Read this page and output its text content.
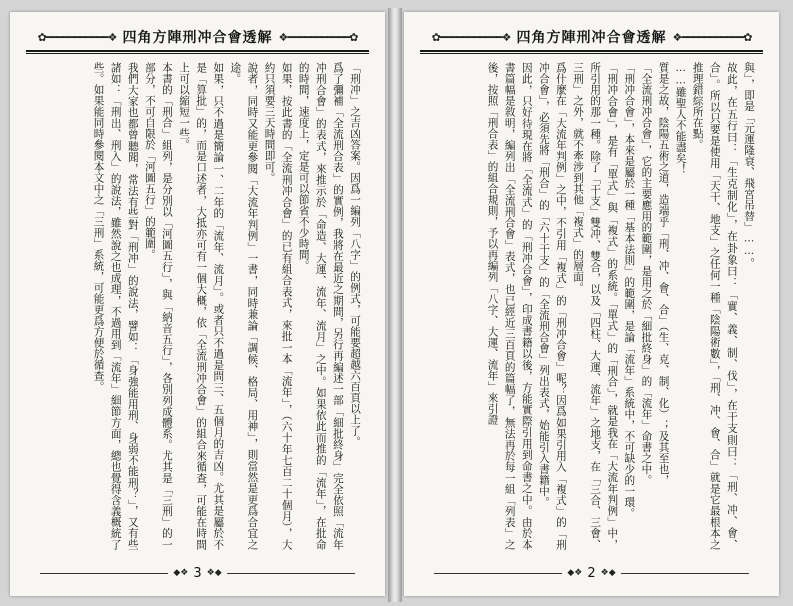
✿━━━━━━━━━━━❖ 四角方陣刑冲合會透解 ❖━━━━━━━━━━━✿

「刑冲」之吉凶答案。因爲一編列「八字」的例式，可能要超越六百頁以上了。

爲了彌補「全流刑合表」的實例，我將在最近之期間，另行再編述一部「細批終身」完全依照「流年冲刑合會」的表式，來推示於「命造、大運、流年、流月」之中。如果依此而推的「流年」，在批命的時間，速度上，定是可以節省不少時間。

如果，按此書的「全流刑冲合會」的已有組合表式，來批一本「流年」，（六十年七百二十個月），大約只須要三天時間即可。

說者，同時又能更參閱「大流年判例」一書，同時兼論「調候、格局、用神」，則當然是更爲合宜之途。

如果，只不過是簡論一、二年的「流年、流月」。或者只不過是問三、五個月的吉凶。尤其是屬於不是「算批」的，而是口述者，大抵亦可有一個大概，依「全流刑冲合會」的組合來循查，可能在時間上可以縮短一些。

本書的「刑合」組列，是分別以「河圖五行」，與「納音五行」，各別列成體系。尤其是「三刑」的一部分，不可自限於「河圖五行」的範圍。

我們大家也都曾聽聞，常法有些對「刑冲」的說法，譬如：「身強能用刑、身弱不能刑？」，又有些諸如：「刑出、刑入」的說法，雖然說之也成理，不過用到「流年」細節方面，總也覺得含義概統了些。如果能同時參閱本文中之「三刑」系統，可能更爲方便於循查。

◆❖ 3 ❖◆
✿━━━━━━━━━━━❖ 四角方陣刑冲合會透解 ❖━━━━━━━━━━━✿

與」，即是「元運隆衰、飛宮吊替」……。

故此，在五行曰：「生克制化」，在卦象曰：「實、義、制、伐」，在干支則曰：「刑、冲、會、合」。所以只要是使用「天干、地支」之任何一種「陰陽術數」，「刑、冲、會、合」就是它最根本之推理錯綜所在點。

……雖聖人不能盡矣！

質是之故，陰陽五術之道，造端乎「刑、冲、會、合」（生、克、制、化）；及其至也，

「全流刑冲合會」，它的主要應用的範圍，是用之於「細批終身」的「流年」命書之中。

「刑冲合會」，本來是屬於一種「基本法則」的範圍，是論「流年」系統中，不可缺少的一環。

「刑冲合會」，是有「單式」與「複式」的系統。「單式」的「刑合」，就是我在「大流年判例」中，所引用的那一種。除了「干支」雙冲、雙合，以及「四柱、大運、流年」之地支，在「三合、三會、三刑」之外，就不牽涉到其他「複式」的層面。

爲什麼在「大流年判例」之中，不引用「複式」的「刑冲合會」呢？因爲如果引用入「複式」的「刑冲合會」，必須先將「刑合」的「六十干支」的「全流刑合會」列出表式，始能引入書籍中。

因此，只好待現在將「全流式」的「刑冲合會」，印成書籍以後，方能實際引用到命書之中。由於本書篇幅是敘明，編列出「全流刑合會」表式，也已經近三百頁的篇幅了，無法再於每一組「列表」之後，按照「刑合表」的組合規則，予以再編列「八字、大運、流年」來引證

◆❖ 2 ❖◆
